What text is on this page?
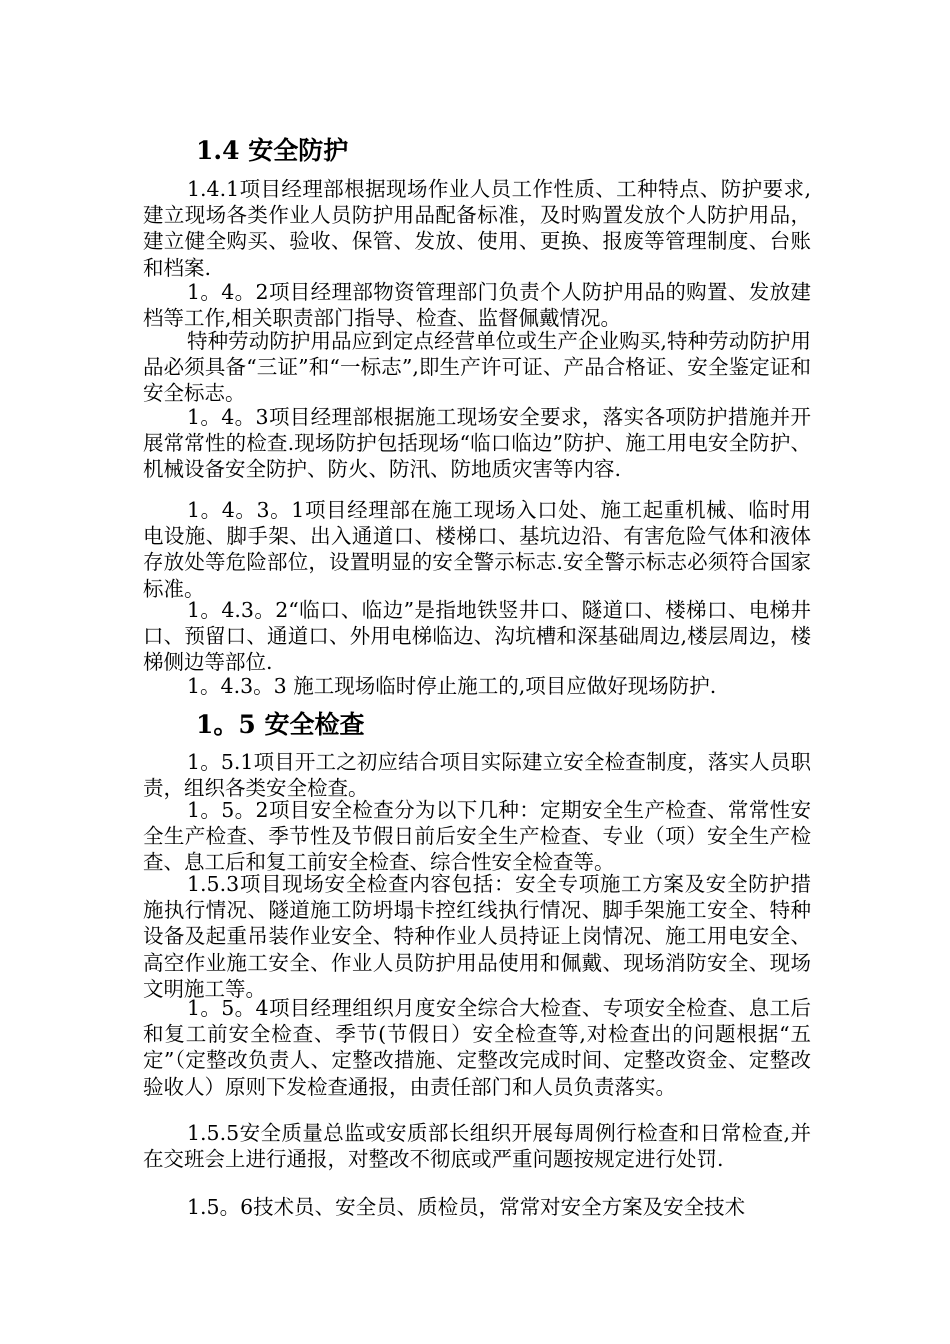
1.4 安全防护
1.4.1项目经理部根据现场作业人员工作性质、工种特点、防护要求,建立现场各类作业人员防护用品配备标准，及时购置发放个人防护用品，建立健全购买、验收、保管、发放、使用、更换、报废等管理制度、台账和档案.
1。4。2项目经理部物资管理部门负责个人防护用品的购置、发放建档等工作,相关职责部门指导、检查、监督佩戴情况。
特种劳动防护用品应到定点经营单位或生产企业购买,特种劳动防护用品必须具备“三证”和“一标志”,即生产许可证、产品合格证、安全鉴定证和安全标志。
1。4。3项目经理部根据施工现场安全要求，落实各项防护措施并开展常常性的检查.现场防护包括现场“临口临边”防护、施工用电安全防护、机械设备安全防护、防火、防汛、防地质灾害等内容.
1。4。3。1项目经理部在施工现场入口处、施工起重机械、临时用电设施、脚手架、出入通道口、楼梯口、基坑边沿、有害危险气体和液体存放处等危险部位，设置明显的安全警示标志.安全警示标志必须符合国家标准。
1。4.3。2“临口、临边”是指地铁竖井口、隧道口、楼梯口、电梯井口、预留口、通道口、外用电梯临边、沟坑槽和深基础周边,楼层周边，楼梯侧边等部位.
1。4.3。3 施工现场临时停止施工的,项目应做好现场防护.
1。5 安全检查
1。5.1项目开工之初应结合项目实际建立安全检查制度，落实人员职责，组织各类安全检查。
1。5。2项目安全检查分为以下几种：定期安全生产检查、常常性安全生产检查、季节性及节假日前后安全生产检查、专业（项）安全生产检查、息工后和复工前安全检查、综合性安全检查等。
1.5.3项目现场安全检查内容包括：安全专项施工方案及安全防护措施执行情况、隧道施工防坍塌卡控红线执行情况、脚手架施工安全、特种设备及起重吊装作业安全、特种作业人员持证上岗情况、施工用电安全、高空作业施工安全、作业人员防护用品使用和佩戴、现场消防安全、现场文明施工等。
1。5。4项目经理组织月度安全综合大检查、专项安全检查、息工后和复工前安全检查、季节(节假日）安全检查等,对检查出的问题根据“五定”（定整改负责人、定整改措施、定整改完成时间、定整改资金、定整改验收人）原则下发检查通报，由责任部门和人员负责落实。
1.5.5安全质量总监或安质部长组织开展每周例行检查和日常检查,并在交班会上进行通报，对整改不彻底或严重问题按规定进行处罚.
1.5。6技术员、安全员、质检员，常常对安全方案及安全技术
